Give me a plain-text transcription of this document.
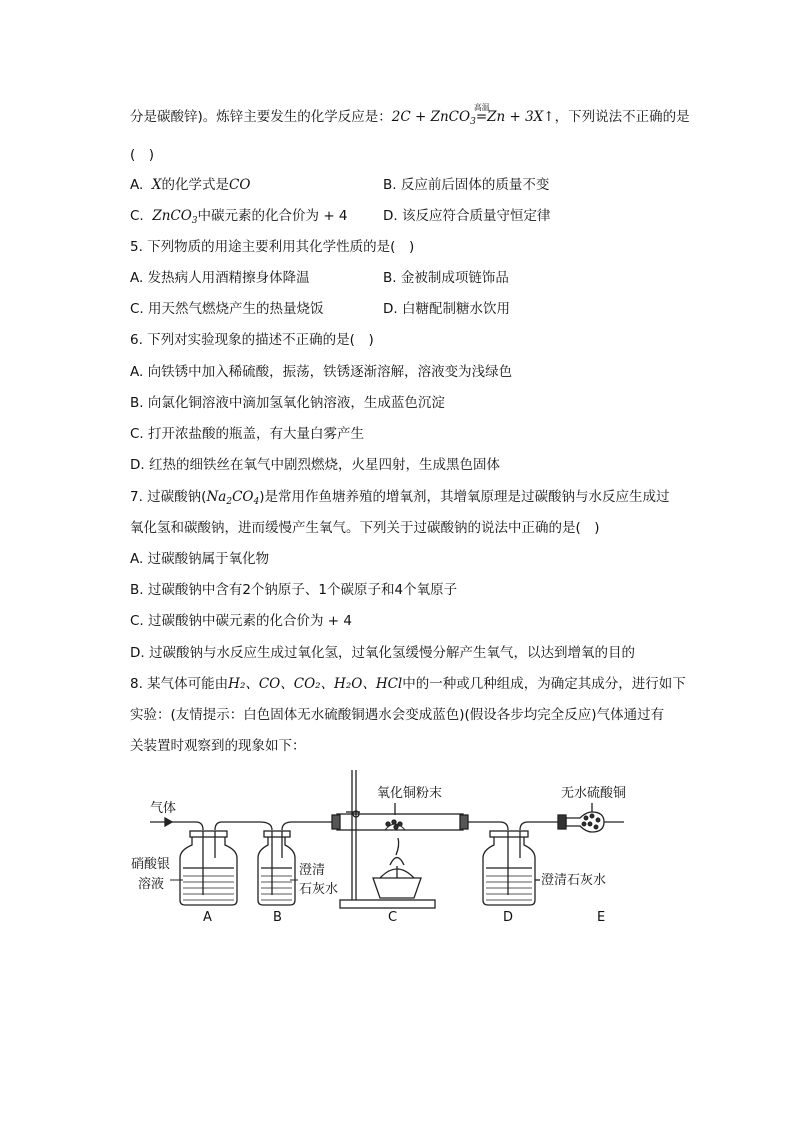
分是碳酸锌)。炼锌主要发生的化学反应是：2C + ZnCO$_3$
高温
=Zn + 3X↑，下列说法不正确的是
(　)
A. X的化学式是CO	B. 反应前后固体的质量不变
C. ZnCO$_3$中碳元素的化合价为 + 4	D. 该反应符合质量守恒定律
5. 下列物质的用途主要利用其化学性质的是(　)
A. 发热病人用酒精擦身体降温	B. 金被制成项链饰品
C. 用天然气燃烧产生的热量烧饭	D. 白糖配制糖水饮用
6. 下列对实验现象的描述不正确的是(　)
A. 向铁锈中加入稀硫酸，振荡，铁锈逐渐溶解，溶液变为浅绿色
B. 向氯化铜溶液中滴加氢氧化钠溶液，生成蓝色沉淀
C. 打开浓盐酸的瓶盖，有大量白雾产生
D. 红热的细铁丝在氧气中剧烈燃烧，火星四射，生成黑色固体
7. 过碳酸钠$(Na_2CO_4)$是常用作鱼塘养殖的增氧剂，其增氧原理是过碳酸钠与水反应生成过
氧化氢和碳酸钠，进而缓慢产生氧气。下列关于过碳酸钠的说法中正确的是(　)
A. 过碳酸钠属于氧化物
B. 过碳酸钠中含有2个钠原子、1个碳原子和4个氧原子
C. 过碳酸钠中碳元素的化合价为 + 4
D. 过碳酸钠与水反应生成过氧化氢，过氧化氢缓慢分解产生氧气，以达到增氧的目的
8. 某气体可能由H₂、CO、CO₂、H₂O、HCl中的一种或几种组成，为确定其成分，进行如下
实验：(友情提示：白色固体无水硫酸铜遇水会变成蓝色)(假设各步均完全反应)气体通过有
关装置时观察到的现象如下：
气体
氧化铜粉末	无水硫酸铜
硝酸银
溶液
澄清
石灰水
澄清石灰水
A	B	C	D	E
